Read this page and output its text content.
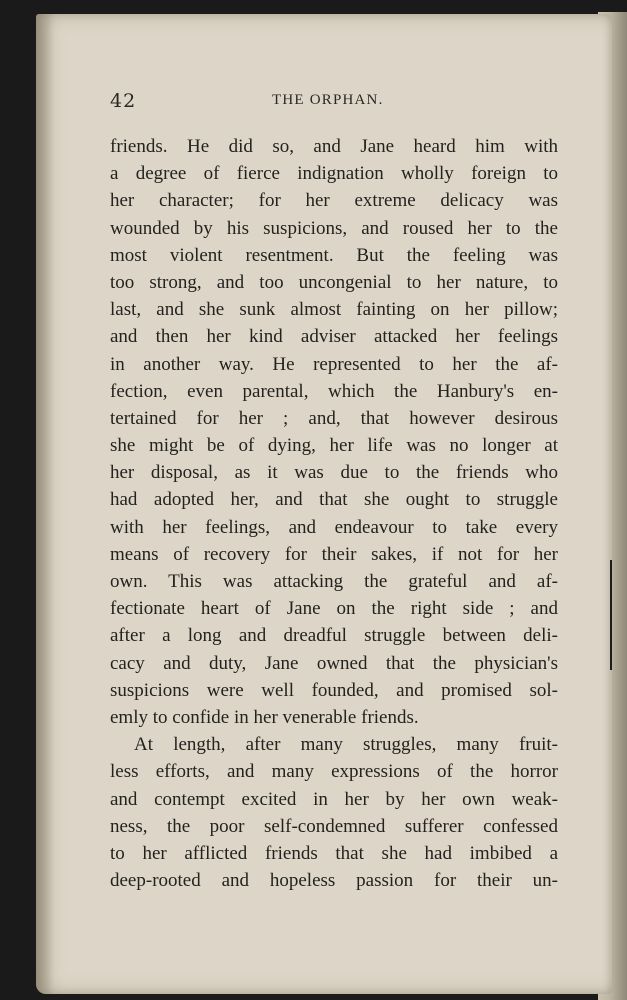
42	THE ORPHAN.
friends. He did so, and Jane heard him with
a degree of fierce indignation wholly foreign to
her character; for her extreme delicacy was
wounded by his suspicions, and roused her to the
most violent resentment. But the feeling was
too strong, and too uncongenial to her nature, to
last, and she sunk almost fainting on her pillow;
and then her kind adviser attacked her feelings
in another way. He represented to her the af-
fection, even parental, which the Hanbury's en-
tertained for her ; and, that however desirous
she might be of dying, her life was no longer at
her disposal, as it was due to the friends who
had adopted her, and that she ought to struggle
with her feelings, and endeavour to take every
means of recovery for their sakes, if not for her
own. This was attacking the grateful and af-
fectionate heart of Jane on the right side ; and
after a long and dreadful struggle between deli-
cacy and duty, Jane owned that the physician's
suspicions were well founded, and promised sol-
emly to confide in her venerable friends.
At length, after many struggles, many fruit-
less efforts, and many expressions of the horror
and contempt excited in her by her own weak-
ness, the poor self-condemned sufferer confessed
to her afflicted friends that she had imbibed a
deep-rooted and hopeless passion for their un-
